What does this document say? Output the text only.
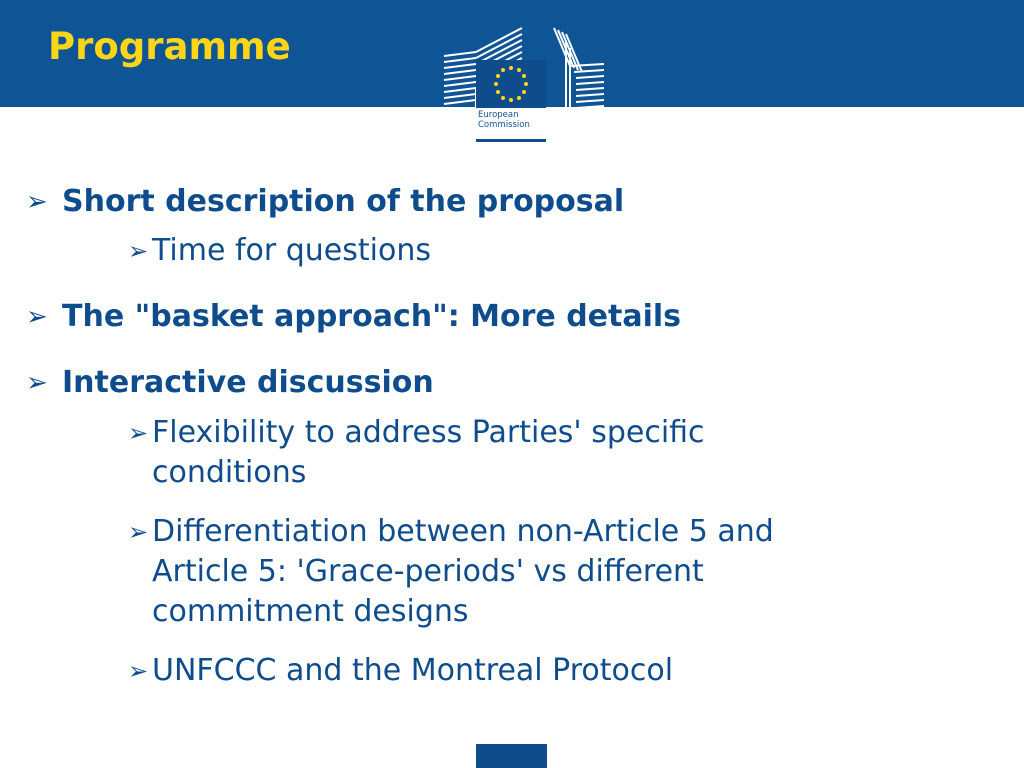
Programme
European
Commission
➢ Short description of the proposal
➢ Time for questions
➢ The "basket approach": More details
➢ Interactive discussion
➢ Flexibility to address Parties' specific
conditions
➢ Differentiation between non-Article 5 and
Article 5: 'Grace-periods' vs different
commitment designs
➢ UNFCCC and the Montreal Protocol
